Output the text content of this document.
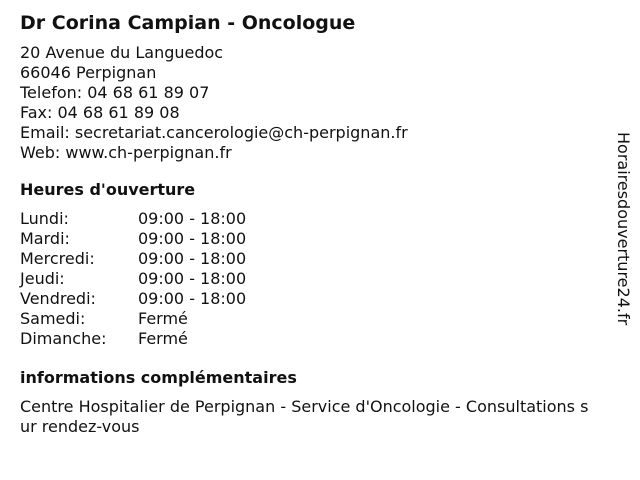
Dr Corina Campian - Oncologue
20 Avenue du Languedoc
66046 Perpignan
Telefon: 04 68 61 89 07
Fax: 04 68 61 89 08
Email: secretariat.cancerologie@ch-perpignan.fr
Web: www.ch-perpignan.fr
Heures d'ouverture
Lundi:	09:00 - 18:00
Mardi:	09:00 - 18:00
Mercredi:	09:00 - 18:00
Jeudi:	09:00 - 18:00
Vendredi:	09:00 - 18:00
Samedi:	Fermé
Dimanche:	Fermé
informations complémentaires
Centre Hospitalier de Perpignan - Service d'Oncologie - Consultations sur rendez-vous
Horairesdouverture24.fr
